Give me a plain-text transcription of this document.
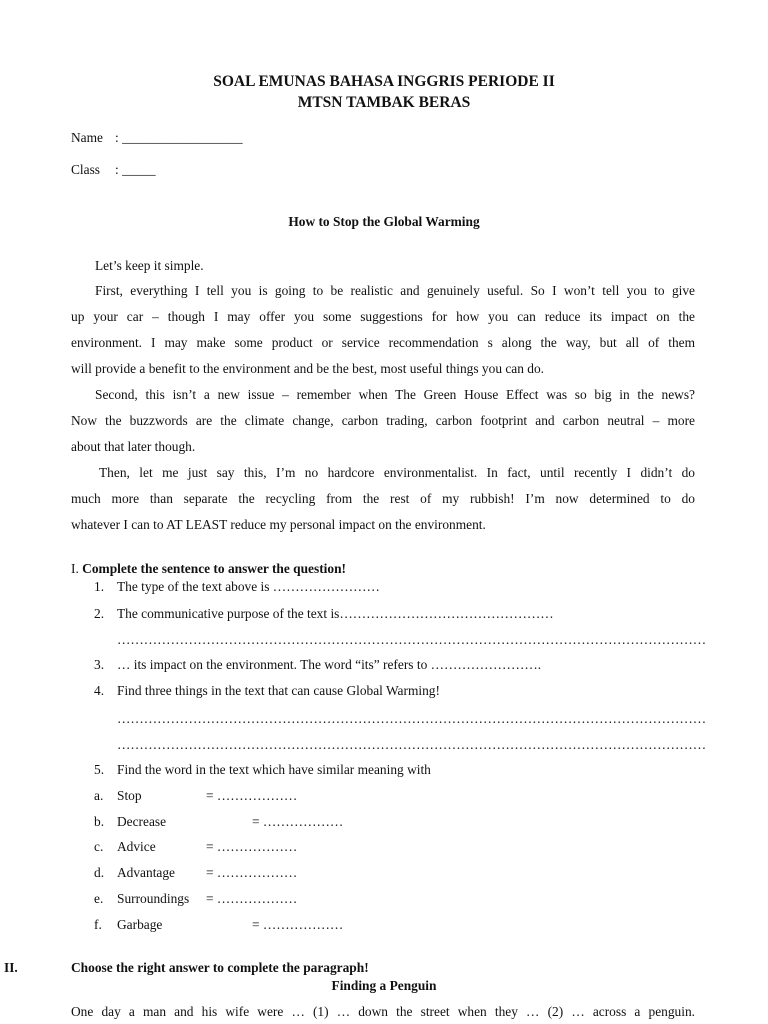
SOAL EMUNAS BAHASA INGGRIS PERIODE II
MTSN TAMBAK BERAS
Name : __________________
Class : _____
How to Stop the Global Warming
Let’s keep it simple.
First, everything I tell you is going to be realistic and genuinely useful. So I won’t tell you to give
up your car – though I may offer you some suggestions for how you can reduce its impact on the
environment. I may make some product or service recommendation s along the way, but all of them
will provide a benefit to the environment and be the best, most useful things you can do.
Second, this isn’t a new issue – remember when The Green House Effect was so big in the news?
Now the buzzwords are the climate change, carbon trading, carbon footprint and carbon neutral – more
about that later though.
Then, let me just say this, I’m no hardcore environmentalist. In fact, until recently I didn’t do
much more than separate the recycling from the rest of my rubbish! I’m now determined to do
whatever I can to AT LEAST reduce my personal impact on the environment.
I. Complete the sentence to answer the question!
1. The type of the text above is ……………………
2. The communicative purpose of the text is…………………………………………
……………………………………………………………………………………………………………………
3. … its impact on the environment. The word “its” refers to …………………….
4. Find three things in the text that can cause Global Warming!
……………………………………………………………………………………………………………………
……………………………………………………………………………………………………………………
5. Find the word in the text which have similar meaning with
a. Stop	= ………………
b. Decrease	= ………………
c. Advice	= ………………
d. Advantage = ………………
e. Surroundings = ………………
f. Garbage	= ………………
II.	Choose the right answer to complete the paragraph!
Finding a Penguin
One day a man and his wife were … (1) … down the street when they … (2) … across a penguin.
